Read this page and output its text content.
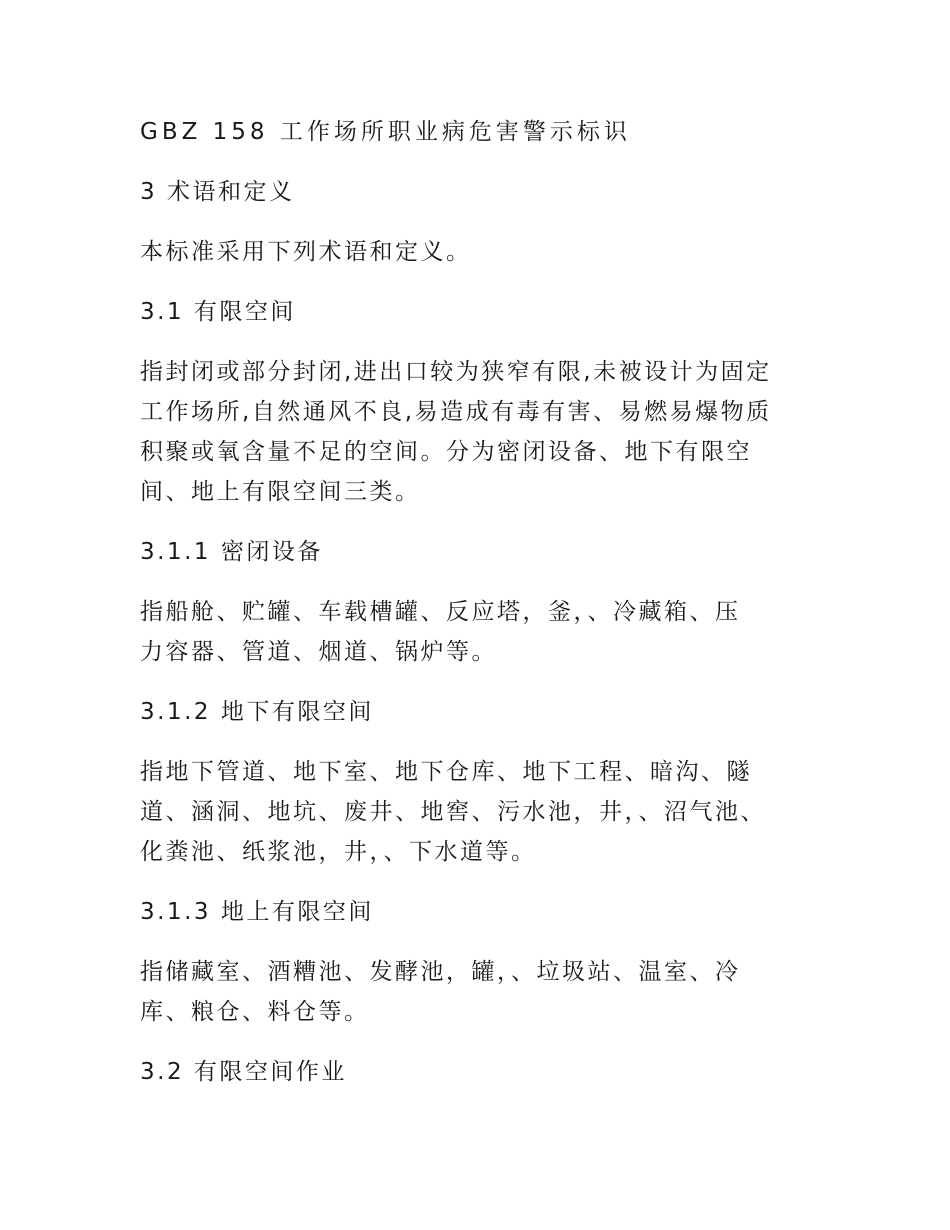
GBZ 158 工作场所职业病危害警示标识

3 术语和定义

本标准采用下列术语和定义。

3.1 有限空间

指封闭或部分封闭,进出口较为狭窄有限,未被设计为固定

工作场所,自然通风不良,易造成有毒有害、易燃易爆物质

积聚或氧含量不足的空间。分为密闭设备、地下有限空

间、地上有限空间三类。

3.1.1 密闭设备

指船舱、贮罐、车载槽罐、反应塔，釜，、冷藏箱、压

力容器、管道、烟道、锅炉等。

3.1.2 地下有限空间

指地下管道、地下室、地下仓库、地下工程、暗沟、隧

道、涵洞、地坑、废井、地窖、污水池，井，、沼气池、

化粪池、纸浆池，井，、下水道等。

3.1.3 地上有限空间

指储藏室、酒糟池、发酵池，罐，、垃圾站、温室、冷

库、粮仓、料仓等。

3.2 有限空间作业
